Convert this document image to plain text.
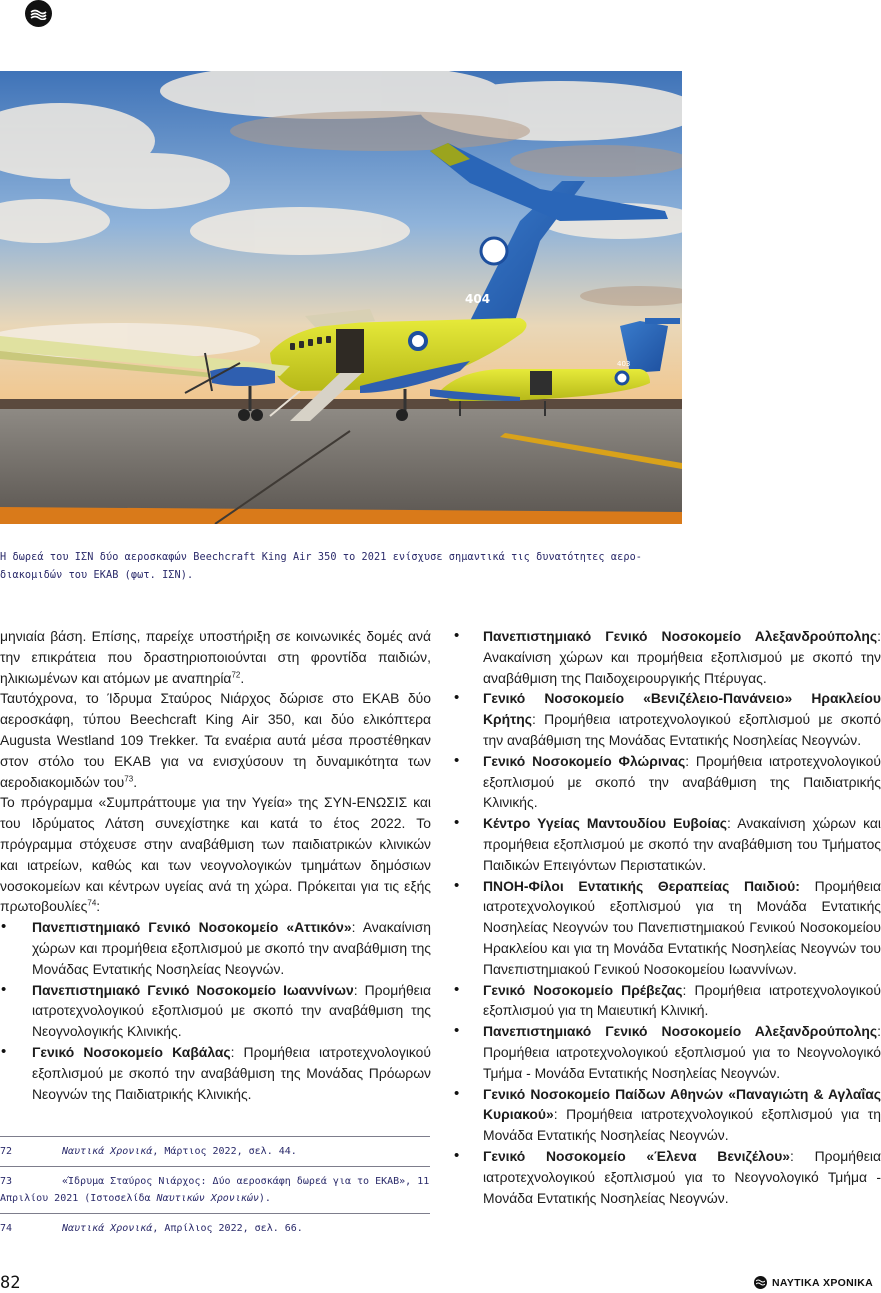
403
404
Η δωρεά του ΙΣΝ δύο αεροσκαφών Beechcraft King Air 350 το 2021 ενίσχυσε σημαντικά τις δυνατότητες αερο-
διακομιδών του ΕΚΑΒ (φωτ. ΙΣΝ).

μηνιαία βάση. Επίσης, παρείχε υποστήριξη σε κοινωνικές δομές ανά την επικράτεια που δραστηριοποιούνται στη φροντίδα παιδιών, ηλικιωμένων και ατόμων με αναπηρία$^{72}$.

Ταυτόχρονα, το Ίδρυμα Σταύρος Νιάρχος δώρισε στο ΕΚΑΒ δύο αεροσκάφη, τύπου Beechcraft King Air 350, και δύο ελικόπτερα Augusta Westland 109 Trekker. Τα εναέρια αυτά μέσα προστέθηκαν στον στόλο του ΕΚΑΒ για να ενισχύσουν τη δυναμικότητα των αεροδιακομιδών του$^{73}$.

Το πρόγραμμα «Συμπράττουμε για την Υγεία» της ΣΥΝ-ΕΝΩΣΙΣ και του Ιδρύματος Λάτση συνεχίστηκε και κατά το έτος 2022. Το πρόγραμμα στόχευσε στην αναβάθμιση των παιδιατρικών κλινικών και ιατρείων, καθώς και των νεογνολογικών τμημάτων δημόσιων νοσοκομείων και κέντρων υγείας ανά τη χώρα. Πρόκειται για τις εξής πρωτοβουλίες$^{74}$:

• Πανεπιστημιακό Γενικό Νοσοκομείο «Αττικόν»: Ανακαίνιση χώρων και προμήθεια εξοπλισμού με σκοπό την αναβάθμιση της Μονάδας Εντατικής Νοσηλείας Νεογνών.
• Πανεπιστημιακό Γενικό Νοσοκομείο Ιωαννίνων: Προμήθεια ιατροτεχνολογικού εξοπλισμού με σκοπό την αναβάθμιση της Νεογνολογικής Κλινικής.
• Γενικό Νοσοκομείο Καβάλας: Προμήθεια ιατροτεχνολογικού εξοπλισμού με σκοπό την αναβάθμιση της Μονάδας Πρόωρων Νεογνών της Παιδιατρικής Κλινικής.
• Πανεπιστημιακό Γενικό Νοσοκομείο Αλεξανδρούπολης: Ανακαίνιση χώρων και προμήθεια εξοπλισμού με σκοπό την αναβάθμιση της Παιδοχειρουργικής Πτέρυγας.
• Γενικό Νοσοκομείο «Βενιζέλειο-Πανάνειο» Ηρακλείου Κρήτης: Προμήθεια ιατροτεχνολογικού εξοπλισμού με σκοπό την αναβάθμιση της Μονάδας Εντατικής Νοσηλείας Νεογνών.
• Γενικό Νοσοκομείο Φλώρινας: Προμήθεια ιατροτεχνολογικού εξοπλισμού με σκοπό την αναβάθμιση της Παιδιατρικής Κλινικής.
• Κέντρο Υγείας Μαντουδίου Ευβοίας: Ανακαίνιση χώρων και προμήθεια εξοπλισμού με σκοπό την αναβάθμιση του Τμήματος Παιδικών Επειγόντων Περιστατικών.
• ΠΝΟΗ-Φίλοι Εντατικής Θεραπείας Παιδιού: Προμήθεια ιατροτεχνολογικού εξοπλισμού για τη Μονάδα Εντατικής Νοσηλείας Νεογνών του Πανεπιστημιακού Γενικού Νοσοκομείου Ηρακλείου και για τη Μονάδα Εντατικής Νοσηλείας Νεογνών του Πανεπιστημιακού Γενικού Νοσοκομείου Ιωαννίνων.
• Γενικό Νοσοκομείο Πρέβεζας: Προμήθεια ιατροτεχνολογικού εξοπλισμού για τη Μαιευτική Κλινική.
• Πανεπιστημιακό Γενικό Νοσοκομείο Αλεξανδρούπολης: Προμήθεια ιατροτεχνολογικού εξοπλισμού για το Νεογνολογικό Τμήμα - Μονάδα Εντατικής Νοσηλείας Νεογνών.
• Γενικό Νοσοκομείο Παίδων Αθηνών «Παναγιώτη & Αγλαΐας Κυριακού»: Προμήθεια ιατροτεχνολογικού εξοπλισμού για τη Μονάδα Εντατικής Νοσηλείας Νεογνών.
• Γενικό Νοσοκομείο «Έλενα Βενιζέλου»: Προμήθεια ιατροτεχνολογικού εξοπλισμού για το Νεογνολογικό Τμήμα - Μονάδα Εντατικής Νοσηλείας Νεογνών.
72	Ναυτικά Χρονικά, Μάρτιος 2022, σελ. 44.
73	«Ίδρυμα Σταύρος Νιάρχος: Δύο αεροσκάφη δωρεά για το ΕΚΑΒ», 11 Απριλίου 2021 (Ιστοσελίδα Ναυτικών Χρονικών).
74	Ναυτικά Χρονικά, Απρίλιος 2022, σελ. 66.
82	ΝΑΥΤΙΚΑ ΧΡΟΝΙΚΑ
